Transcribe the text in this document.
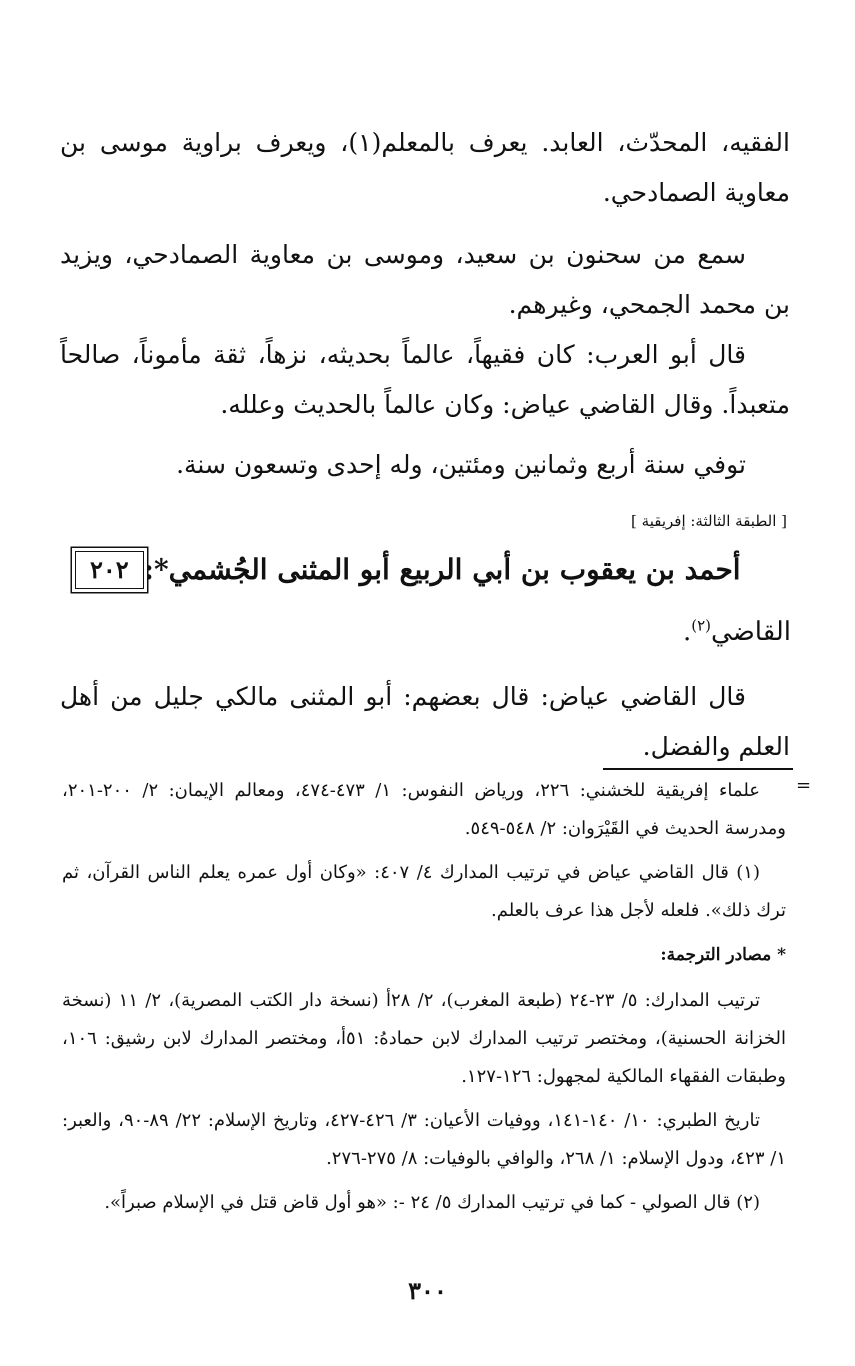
الفقيه، المحدّث، العابد. يعرف بالمعلم(١)، ويعرف براوية موسى بن معاوية الصمادحي.
سمع من سحنون بن سعيد، وموسى بن معاوية الصمادحي، ويزيد بن محمد الجمحي، وغيرهم.
قال أبو العرب: كان فقيهاً، عالماً بحديثه، نزهاً، ثقة مأموناً، صالحاً متعبداً. وقال القاضي عياض: وكان عالماً بالحديث وعلله.
توفي سنة أربع وثمانين ومئتين، وله إحدى وتسعون سنة.
[ الطبقة الثالثة: إفريقية ]
٢٠٢ أحمد بن يعقوب بن أبي الربيع أبو المثنى الجُشمي*:
القاضي$^{(٢)}$.
قال القاضي عياض: قال بعضهم: أبو المثنى مالكي جليل من أهل العلم والفضل.
=

علماء إفريقية للخشني: ٢٢٦، ورياض النفوس: ١/ ٤٧٣-٤٧٤، ومعالم الإيمان: ٢/ ٢٠٠-٢٠١، ومدرسة الحديث في القَيْرَوان: ٢/ ٥٤٨-٥٤٩.

(١) قال القاضي عياض في ترتيب المدارك ٤/ ٤٠٧: «وكان أول عمره يعلم الناس القرآن، ثم ترك ذلك». فلعله لأجل هذا عرف بالعلم.

* مصادر الترجمة:

ترتيب المدارك: ٥/ ٢٣-٢٤ (طبعة المغرب)، ٢/ ٢٨أ (نسخة دار الكتب المصرية)، ٢/ ١١ (نسخة الخزانة الحسنية)، ومختصر ترتيب المدارك لابن حمادهُ: ٥١أ، ومختصر المدارك لابن رشيق: ١٠٦، وطبقات الفقهاء المالكية لمجهول: ١٢٦-١٢٧.

تاريخ الطبري: ١٠/ ١٤٠-١٤١، ووفيات الأعيان: ٣/ ٤٢٦-٤٢٧، وتاريخ الإسلام: ٢٢/ ٨٩-٩٠، والعبر: ١/ ٤٢٣، ودول الإسلام: ١/ ٢٦٨، والوافي بالوفيات: ٨/ ٢٧٥-٢٧٦.

(٢) قال الصولي - كما في ترتيب المدارك ٥/ ٢٤ -: «هو أول قاض قتل في الإسلام صبراً».

٣٠٠
